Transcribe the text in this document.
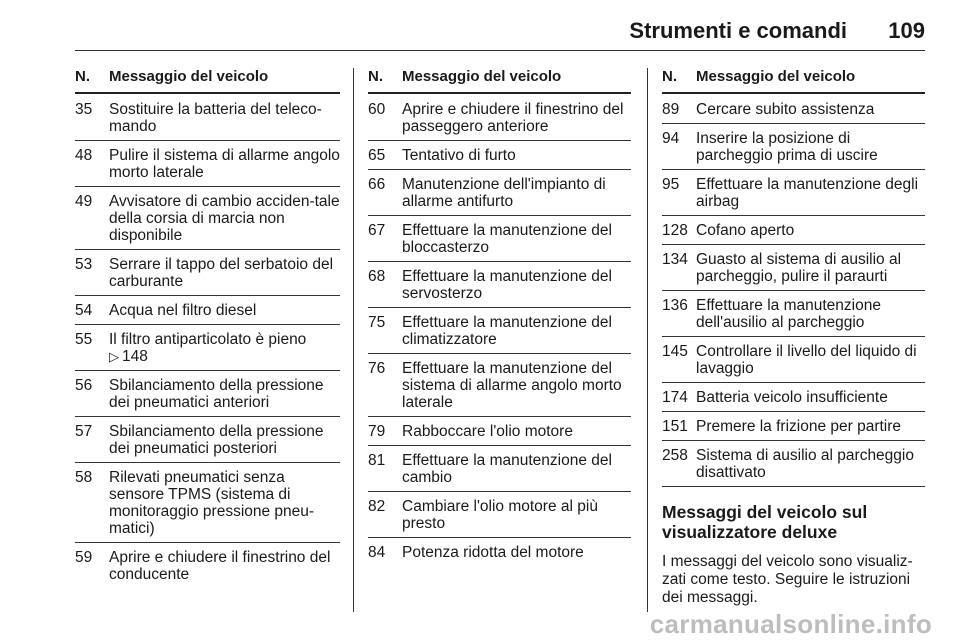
Strumenti e comandi 109
N.	Messaggio del veicolo
35	Sostituire la batteria del teleco-mando
48	Pulire il sistema di allarme angolo morto laterale
49	Avvisatore di cambio acciden-tale della corsia di marcia non disponibile
53	Serrare il tappo del serbatoio del carburante
54	Acqua nel filtro diesel
55	Il filtro antiparticolato è pieno
▷ 148
56	Sbilanciamento della pressione dei pneumatici anteriori
57	Sbilanciamento della pressione dei pneumatici posteriori
58	Rilevati pneumatici senza sensore TPMS (sistema di monitoraggio pressione pneu-matici)
59	Aprire e chiudere il finestrino del conducente
N.	Messaggio del veicolo
60	Aprire e chiudere il finestrino del passeggero anteriore
65	Tentativo di furto
66	Manutenzione dell'impianto di allarme antifurto
67	Effettuare la manutenzione del bloccasterzo
68	Effettuare la manutenzione del servosterzo
75	Effettuare la manutenzione del climatizzatore
76	Effettuare la manutenzione del sistema di allarme angolo morto laterale
79	Rabboccare l'olio motore
81	Effettuare la manutenzione del cambio
82	Cambiare l'olio motore al più presto
84	Potenza ridotta del motore
N.	Messaggio del veicolo
89	Cercare subito assistenza
94	Inserire la posizione di parcheggio prima di uscire
95	Effettuare la manutenzione degli airbag
128 Cofano aperto
134 Guasto al sistema di ausilio al parcheggio, pulire il paraurti
136 Effettuare la manutenzione dell'ausilio al parcheggio
145 Controllare il livello del liquido di lavaggio
174 Batteria veicolo insufficiente
151 Premere la frizione per partire
258 Sistema di ausilio al parcheggio disattivato
Messaggi del veicolo sul visualizzatore deluxe
I messaggi del veicolo sono visualiz-zati come testo. Seguire le istruzioni dei messaggi.
carmanualsonline.info
